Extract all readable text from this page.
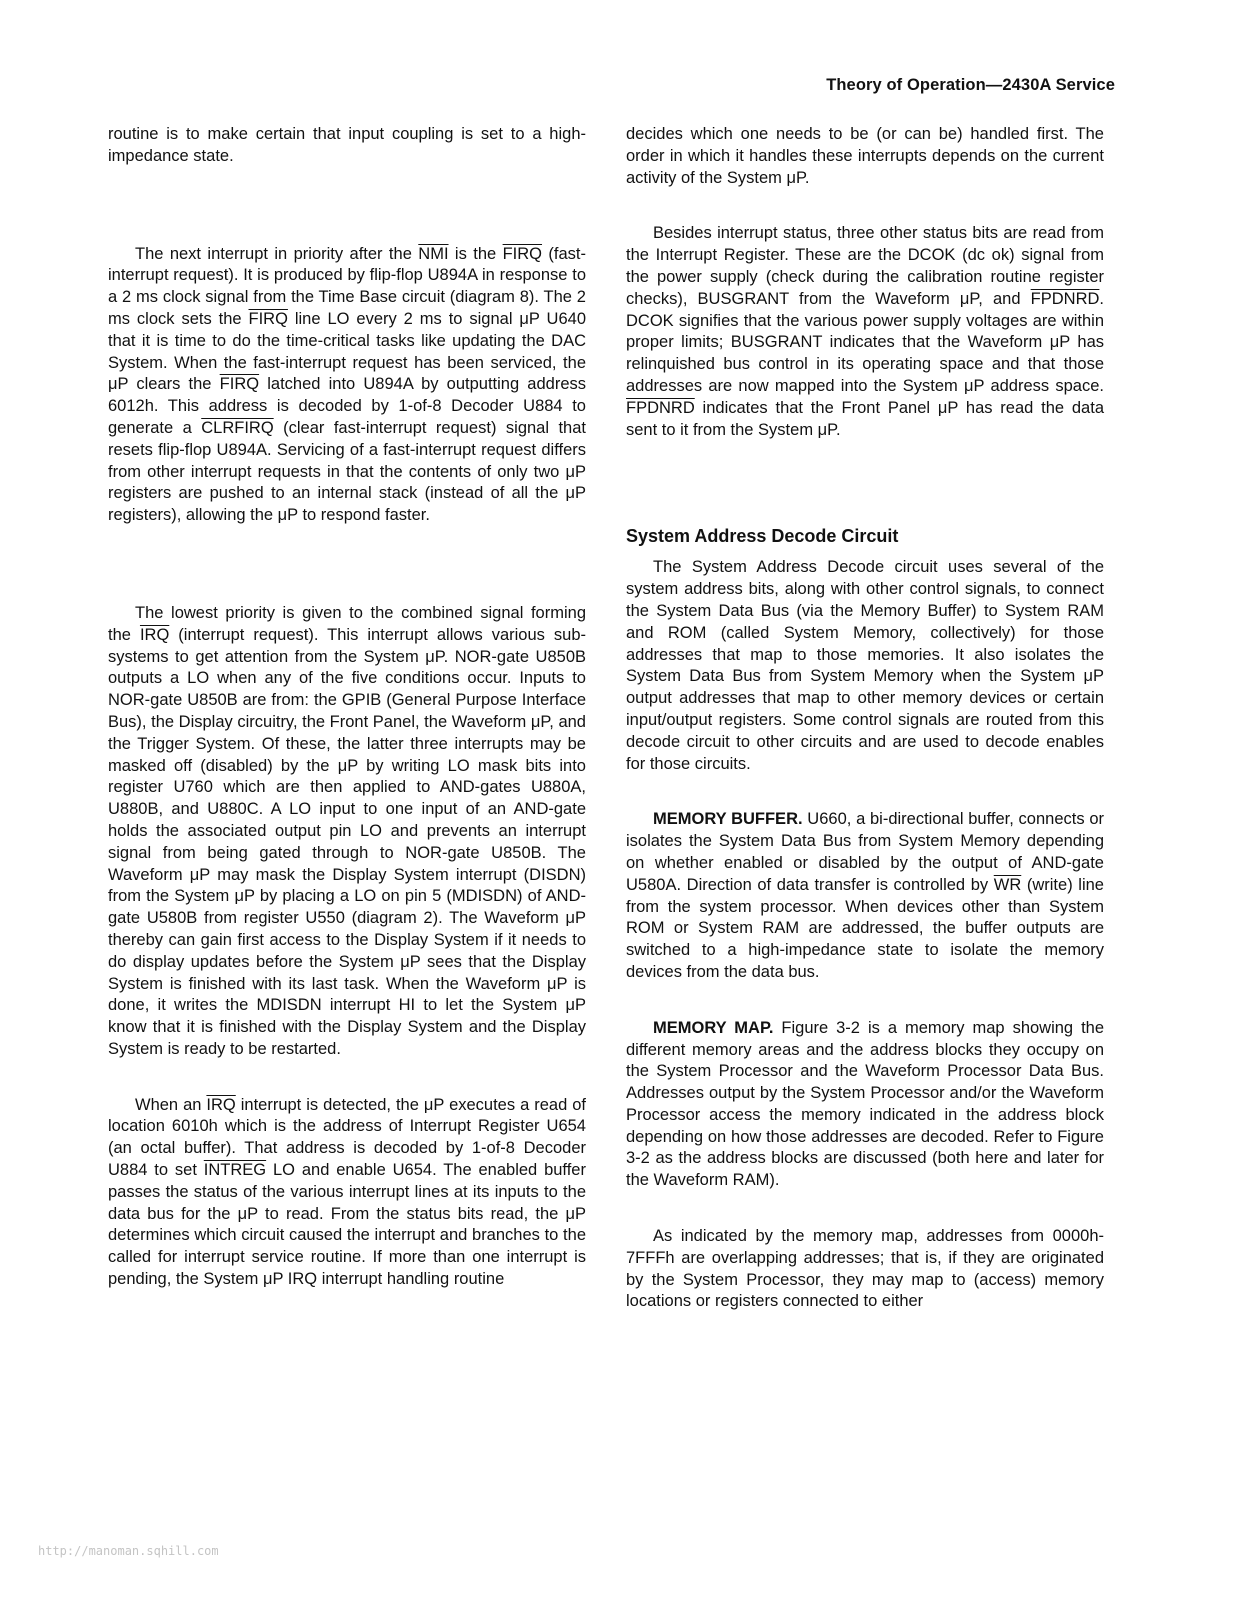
Theory of Operation—2430A Service

routine is to make certain that input coupling is set to a high-impedance state.

The next interrupt in priority after the $\overline{NMI}$ is the FIRQ (fast-interrupt request). It is produced by flip-flop U894A in response to a 2 ms clock signal from the Time Base circuit (diagram 8). The 2 ms clock sets the FIRQ line LO every 2 ms to signal μP U640 that it is time to do the time-critical tasks like updating the DAC System. When the fast-interrupt request has been serviced, the μP clears the FIRQ latched into U894A by outputting address 6012h. This address is decoded by 1-of-8 Decoder U884 to generate a CLRFIRQ (clear fast-interrupt request) signal that resets flip-flop U894A. Servicing of a fast-interrupt request differs from other interrupt requests in that the contents of only two μP registers are pushed to an internal stack (instead of all the μP registers), allowing the μP to respond faster.

The lowest priority is given to the combined signal forming the $\overline{IRQ}$ (interrupt request). This interrupt allows various sub-systems to get attention from the System μP. NOR-gate U850B outputs a LO when any of the five conditions occur. Inputs to NOR-gate U850B are from: the GPIB (General Purpose Interface Bus), the Display circuitry, the Front Panel, the Waveform μP, and the Trigger System. Of these, the latter three interrupts may be masked off (disabled) by the μP by writing LO mask bits into register U760 which are then applied to AND-gates U880A, U880B, and U880C. A LO input to one input of an AND-gate holds the associated output pin LO and prevents an interrupt signal from being gated through to NOR-gate U850B. The Waveform μP may mask the Display System interrupt (DISDN) from the System μP by placing a LO on pin 5 (MDISDN) of AND-gate U580B from register U550 (diagram 2). The Waveform μP thereby can gain first access to the Display System if it needs to do display updates before the System μP sees that the Display System is finished with its last task. When the Waveform μP is done, it writes the MDISDN interrupt HI to let the System μP know that it is finished with the Display System and the Display System is ready to be restarted.

When an $\overline{IRQ}$ interrupt is detected, the μP executes a read of location 6010h which is the address of Interrupt Register U654 (an octal buffer). That address is decoded by 1-of-8 Decoder U884 to set INTREG LO and enable U654. The enabled buffer passes the status of the various interrupt lines at its inputs to the data bus for the μP to read. From the status bits read, the μP determines which circuit caused the interrupt and branches to the called for interrupt service routine. If more than one interrupt is pending, the System μP IRQ interrupt handling routine

decides which one needs to be (or can be) handled first. The order in which it handles these interrupts depends on the current activity of the System μP.

Besides interrupt status, three other status bits are read from the Interrupt Register. These are the DCOK (dc ok) signal from the power supply (check during the calibration routine register checks), BUSGRANT from the Waveform μP, and FPDNRD. DCOK signifies that the various power supply voltages are within proper limits; BUSGRANT indicates that the Waveform μP has relinquished bus control in its operating space and that those addresses are now mapped into the System μP address space. FPDNRD indicates that the Front Panel μP has read the data sent to it from the System μP.

System Address Decode Circuit

The System Address Decode circuit uses several of the system address bits, along with other control signals, to connect the System Data Bus (via the Memory Buffer) to System RAM and ROM (called System Memory, collectively) for those addresses that map to those memories. It also isolates the System Data Bus from System Memory when the System μP output addresses that map to other memory devices or certain input/output registers. Some control signals are routed from this decode circuit to other circuits and are used to decode enables for those circuits.

MEMORY BUFFER. U660, a bi-directional buffer, connects or isolates the System Data Bus from System Memory depending on whether enabled or disabled by the output of AND-gate U580A. Direction of data transfer is controlled by $\overline{WR}$ (write) line from the system processor. When devices other than System ROM or System RAM are addressed, the buffer outputs are switched to a high-impedance state to isolate the memory devices from the data bus.

MEMORY MAP. Figure 3-2 is a memory map showing the different memory areas and the address blocks they occupy on the System Processor and the Waveform Processor Data Bus. Addresses output by the System Processor and/or the Waveform Processor access the memory indicated in the address block depending on how those addresses are decoded. Refer to Figure 3-2 as the address blocks are discussed (both here and later for the Waveform RAM).

As indicated by the memory map, addresses from 0000h-7FFFh are overlapping addresses; that is, if they are originated by the System Processor, they may map to (access) memory locations or registers connected to either

http://manoman.sqhill.com
